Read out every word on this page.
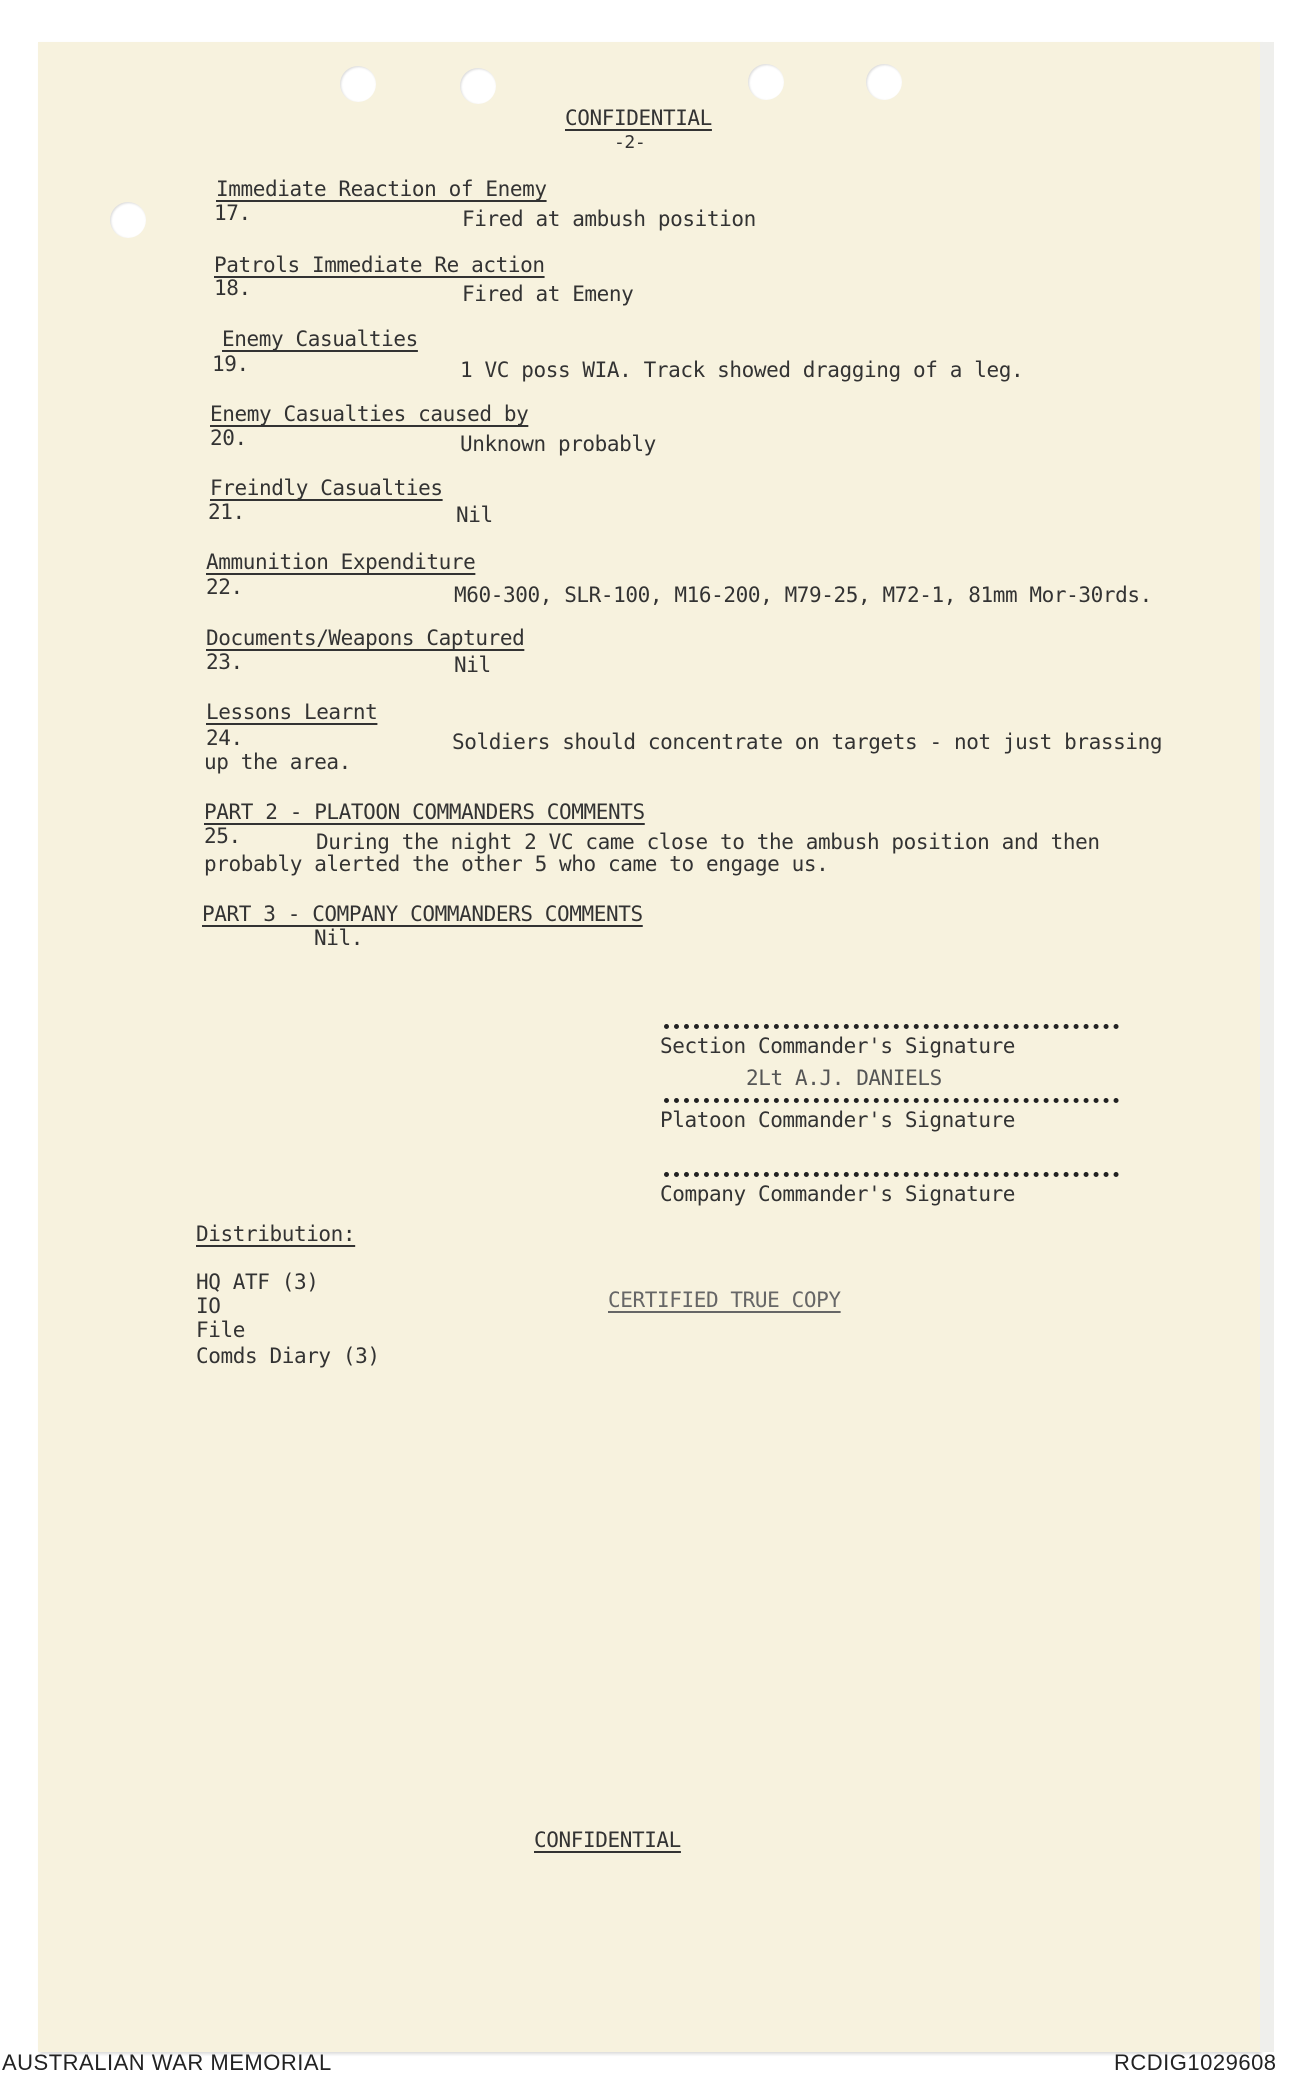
CONFIDENTIAL
-2-
Immediate Reaction of Enemy
17.	Fired at ambush position
Patrols Immediate Re action
18.	Fired at Emeny
Enemy Casualties
19.	1 VC poss WIA. Track showed dragging of a leg.
Enemy Casualties caused by
20.	Unknown probably
Freindly Casualties
21.	Nil
Ammunition Expenditure
22.	M60-300, SLR-100, M16-200, M79-25, M72-1, 81mm Mor-30rds.
Documents/Weapons Captured
23.	Nil
Lessons Learnt
24.	Soldiers should concentrate on targets - not just brassing
up the area.
PART 2 - PLATOON COMMANDERS COMMENTS
25.	During the night 2 VC came close to the ambush position and then
probably alerted the other 5 who came to engage us.
PART 3 - COMPANY COMMANDERS COMMENTS
Nil.
Section Commander's Signature
2Lt A.J. DANIELS
Platoon Commander's Signature
Company Commander's Signature
Distribution:
HQ ATF (3)
IO
File
Comds Diary (3)
CERTIFIED TRUE COPY
CONFIDENTIAL
AUSTRALIAN WAR MEMORIAL	RCDIG1029608
